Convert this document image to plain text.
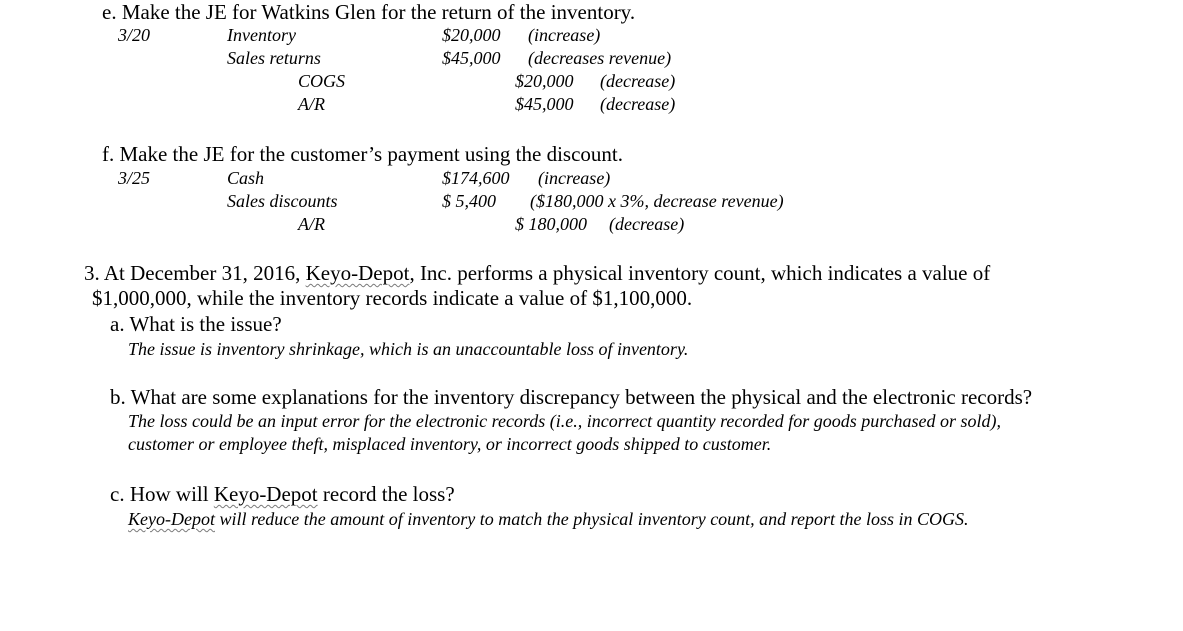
e. Make the JE for Watkins Glen for the return of the inventory.
3/20	Inventory	$20,000 (increase)
Sales returns	$45,000 (decreases revenue)
COGS	$20,000 (decrease)
A/R	$45,000 (decrease)
f. Make the JE for the customer’s payment using the discount.
3/25	Cash	$174,600 (increase)
Sales discounts	$ 5,400 ($180,000 x 3%, decrease revenue)
A/R	$ 180,000 (decrease)
3. At December 31, 2016, Keyo-Depot, Inc. performs a physical inventory count, which indicates a value of
$1,000,000, while the inventory records indicate a value of $1,100,000.
a. What is the issue?
The issue is inventory shrinkage, which is an unaccountable loss of inventory.
b. What are some explanations for the inventory discrepancy between the physical and the electronic records?
The loss could be an input error for the electronic records (i.e., incorrect quantity recorded for goods purchased or sold),
customer or employee theft, misplaced inventory, or incorrect goods shipped to customer.
c. How will Keyo-Depot record the loss?
Keyo-Depot will reduce the amount of inventory to match the physical inventory count, and report the loss in COGS.
